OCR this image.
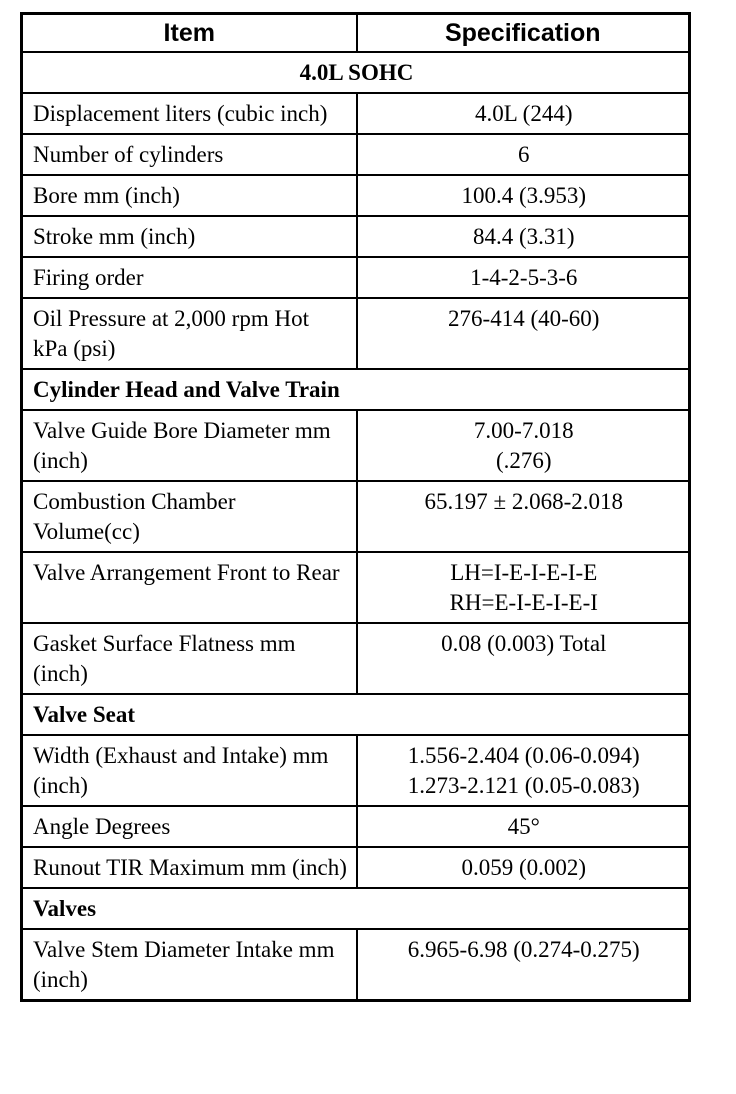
Item	Specification
4.0L SOHC	
Displacement liters (cubic inch)	4.0L (244)

Number of cylinders	6

Bore mm (inch)	100.4 (3.953)

Stroke mm (inch)	84.4 (3.31)

Firing order	1-4-2-5-3-6

Oil Pressure at 2,000 rpm Hot kPa (psi)	276-414 (40-60)

Cylinder Head and Valve Train	
Valve Guide Bore Diameter mm (inch)	7.00-7.018
(.276)

Combustion Chamber Volume(cc)	65.197 ± 2.068-2.018

Valve Arrangement Front to Rear	LH=I-E-I-E-I-E
RH=E-I-E-I-E-I

Gasket Surface Flatness mm (inch)	0.08 (0.003) Total

Valve Seat	
Width (Exhaust and Intake) mm (inch)	1.556-2.404 (0.06-0.094)
1.273-2.121 (0.05-0.083)

Angle Degrees	45°

Runout TIR Maximum mm (inch)	0.059 (0.002)

Valves	
Valve Stem Diameter Intake mm (inch)	6.965-6.98 (0.274-0.275)
